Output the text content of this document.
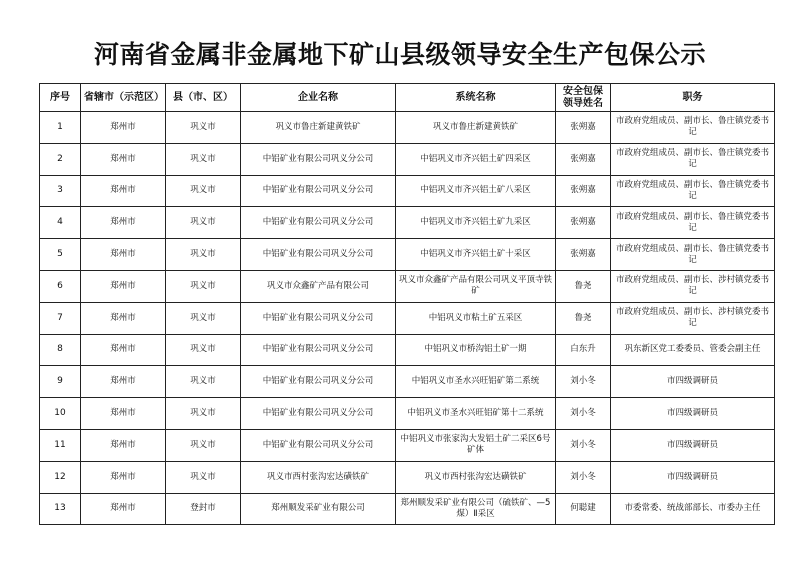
河南省金属非金属地下矿山县级领导安全生产包保公示
序号	省辖市（示范区）	县（市、区）	企业名称	系统名称	安全包保领导姓名	职务
1	郑州市	巩义市	巩义市鲁庄新建黄铁矿	巩义市鲁庄新建黄铁矿	张朔嘉	市政府党组成员、副市长、鲁庄镇党委书记
2	郑州市	巩义市	中铝矿业有限公司巩义分公司	中铝巩义市齐兴铝土矿四采区	张朔嘉	市政府党组成员、副市长、鲁庄镇党委书记
3	郑州市	巩义市	中铝矿业有限公司巩义分公司	中铝巩义市齐兴铝土矿八采区	张朔嘉	市政府党组成员、副市长、鲁庄镇党委书记
4	郑州市	巩义市	中铝矿业有限公司巩义分公司	中铝巩义市齐兴铝土矿九采区	张朔嘉	市政府党组成员、副市长、鲁庄镇党委书记
5	郑州市	巩义市	中铝矿业有限公司巩义分公司	中铝巩义市齐兴铝土矿十采区	张朔嘉	市政府党组成员、副市长、鲁庄镇党委书记
6	郑州市	巩义市	巩义市众鑫矿产品有限公司	巩义市众鑫矿产品有限公司巩义平顶寺铁矿	鲁尧	市政府党组成员、副市长、涉村镇党委书记
7	郑州市	巩义市	中铝矿业有限公司巩义分公司	中铝巩义市粘土矿五采区	鲁尧	市政府党组成员、副市长、涉村镇党委书记
8	郑州市	巩义市	中铝矿业有限公司巩义分公司	中铝巩义市桥沟铝土矿一期	白东升	巩东新区党工委委员、管委会副主任
9	郑州市	巩义市	中铝矿业有限公司巩义分公司	中铝巩义市圣水兴旺铝矿第二系统	刘小冬	市四级调研员
10	郑州市	巩义市	中铝矿业有限公司巩义分公司	中铝巩义市圣水兴旺铝矿第十二系统	刘小冬	市四级调研员
11	郑州市	巩义市	中铝矿业有限公司巩义分公司	中铝巩义市张家沟大发铝土矿二采区6号矿体	刘小冬	市四级调研员
12	郑州市	巩义市	巩义市西村张沟宏达磺铁矿	巩义市西村张沟宏达磺铁矿	刘小冬	市四级调研员
13	郑州市	登封市	郑州顺发采矿业有限公司	郑州顺发采矿业有限公司（硫铁矿、—5煤）Ⅱ采区	何聪建	市委常委、统战部部长、市委办主任
